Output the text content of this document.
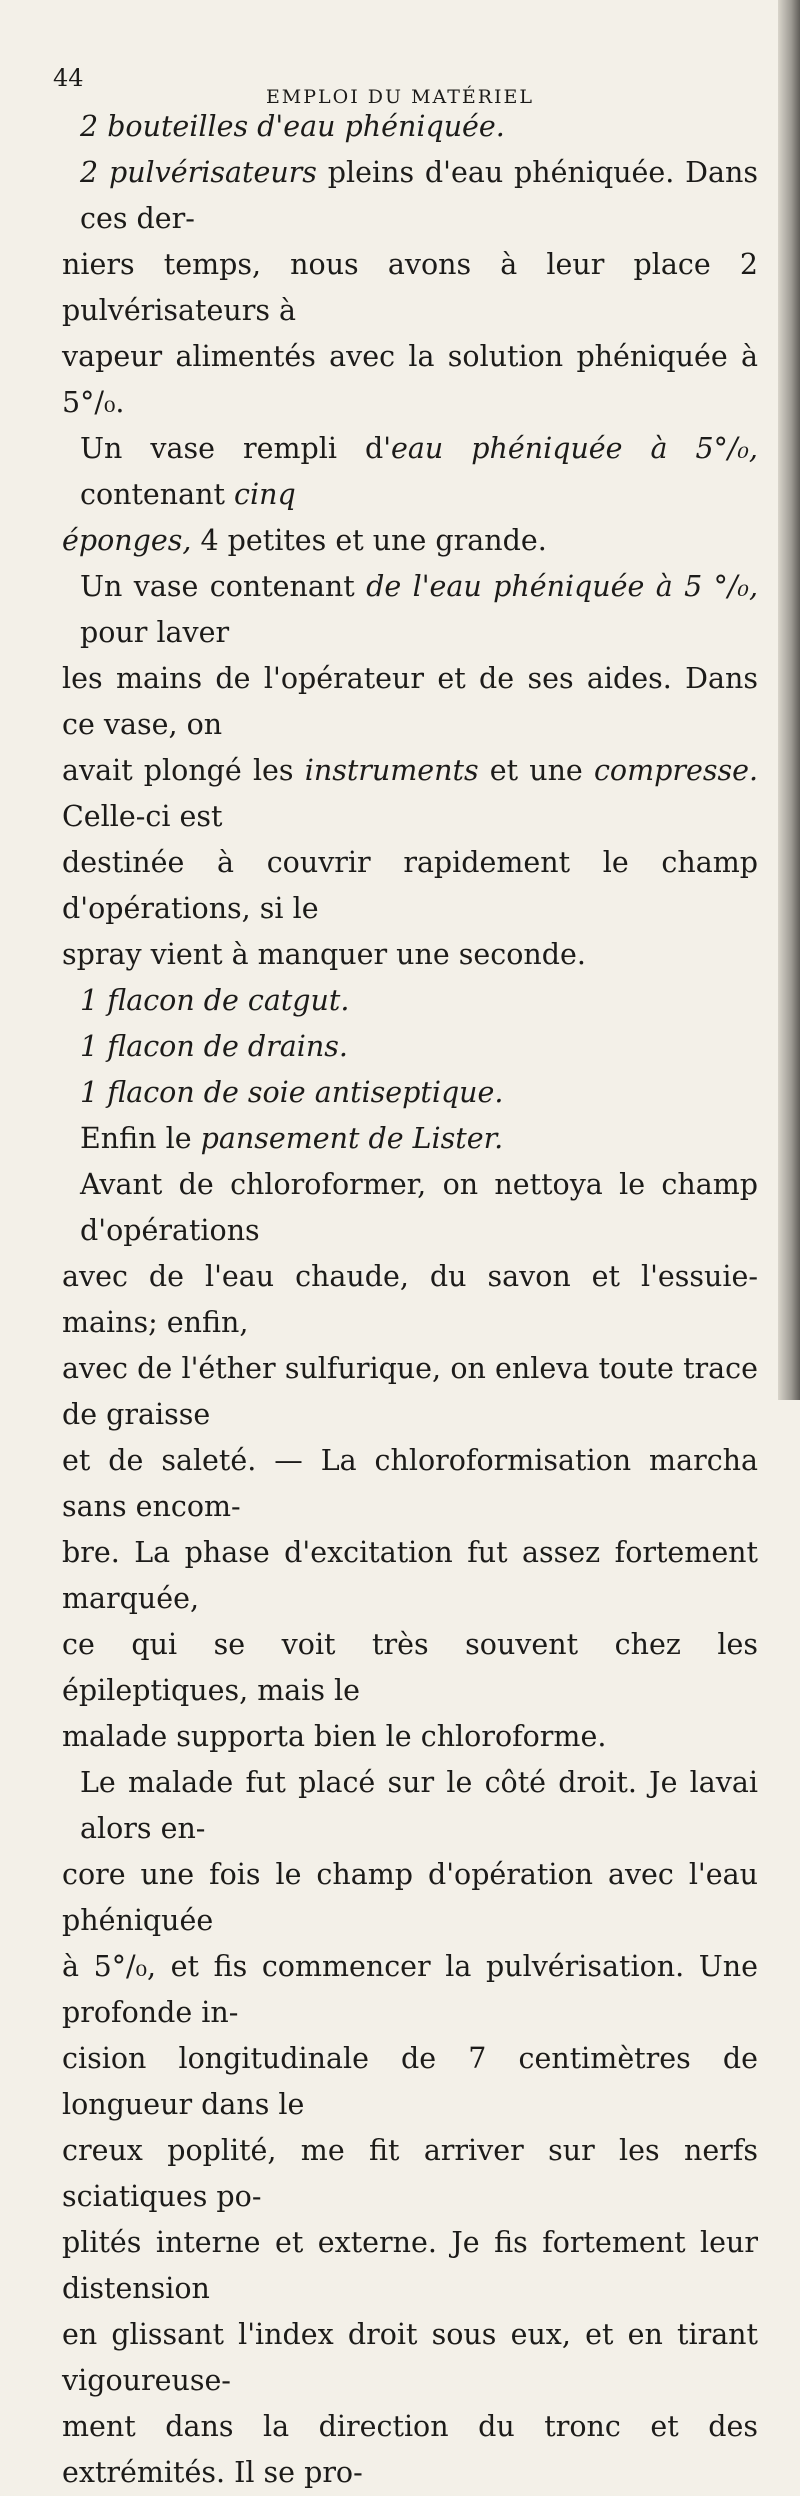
44
EMPLOI DU MATÉRIEL
2 bouteilles d'eau phéniquée.
2 pulvérisateurs pleins d'eau phéniquée. Dans ces der-
niers temps, nous avons à leur place 2 pulvérisateurs à
vapeur alimentés avec la solution phéniquée à 5°/₀.
Un vase rempli d'eau phéniquée à 5°/₀, contenant cinq
éponges, 4 petites et une grande.
Un vase contenant de l'eau phéniquée à 5 °/₀, pour laver
les mains de l'opérateur et de ses aides. Dans ce vase, on
avait plongé les instruments et une compresse. Celle-ci est
destinée à couvrir rapidement le champ d'opérations, si le
spray vient à manquer une seconde.
1 flacon de catgut.
1 flacon de drains.
1 flacon de soie antiseptique.
Enfin le pansement de Lister.
Avant de chloroformer, on nettoya le champ d'opérations
avec de l'eau chaude, du savon et l'essuie-mains; enfin,
avec de l'éther sulfurique, on enleva toute trace de graisse
et de saleté. — La chloroformisation marcha sans encom-
bre. La phase d'excitation fut assez fortement marquée,
ce qui se voit très souvent chez les épileptiques, mais le
malade supporta bien le chloroforme.
Le malade fut placé sur le côté droit. Je lavai alors en-
core une fois le champ d'opération avec l'eau phéniquée
à 5°/₀, et fis commencer la pulvérisation. Une profonde in-
cision longitudinale de 7 centimètres de longueur dans le
creux poplité, me fit arriver sur les nerfs sciatiques po-
plités interne et externe. Je fis fortement leur distension
en glissant l'index droit sous eux, et en tirant vigoureuse-
ment dans la direction du tronc et des extrémités. Il se pro-
